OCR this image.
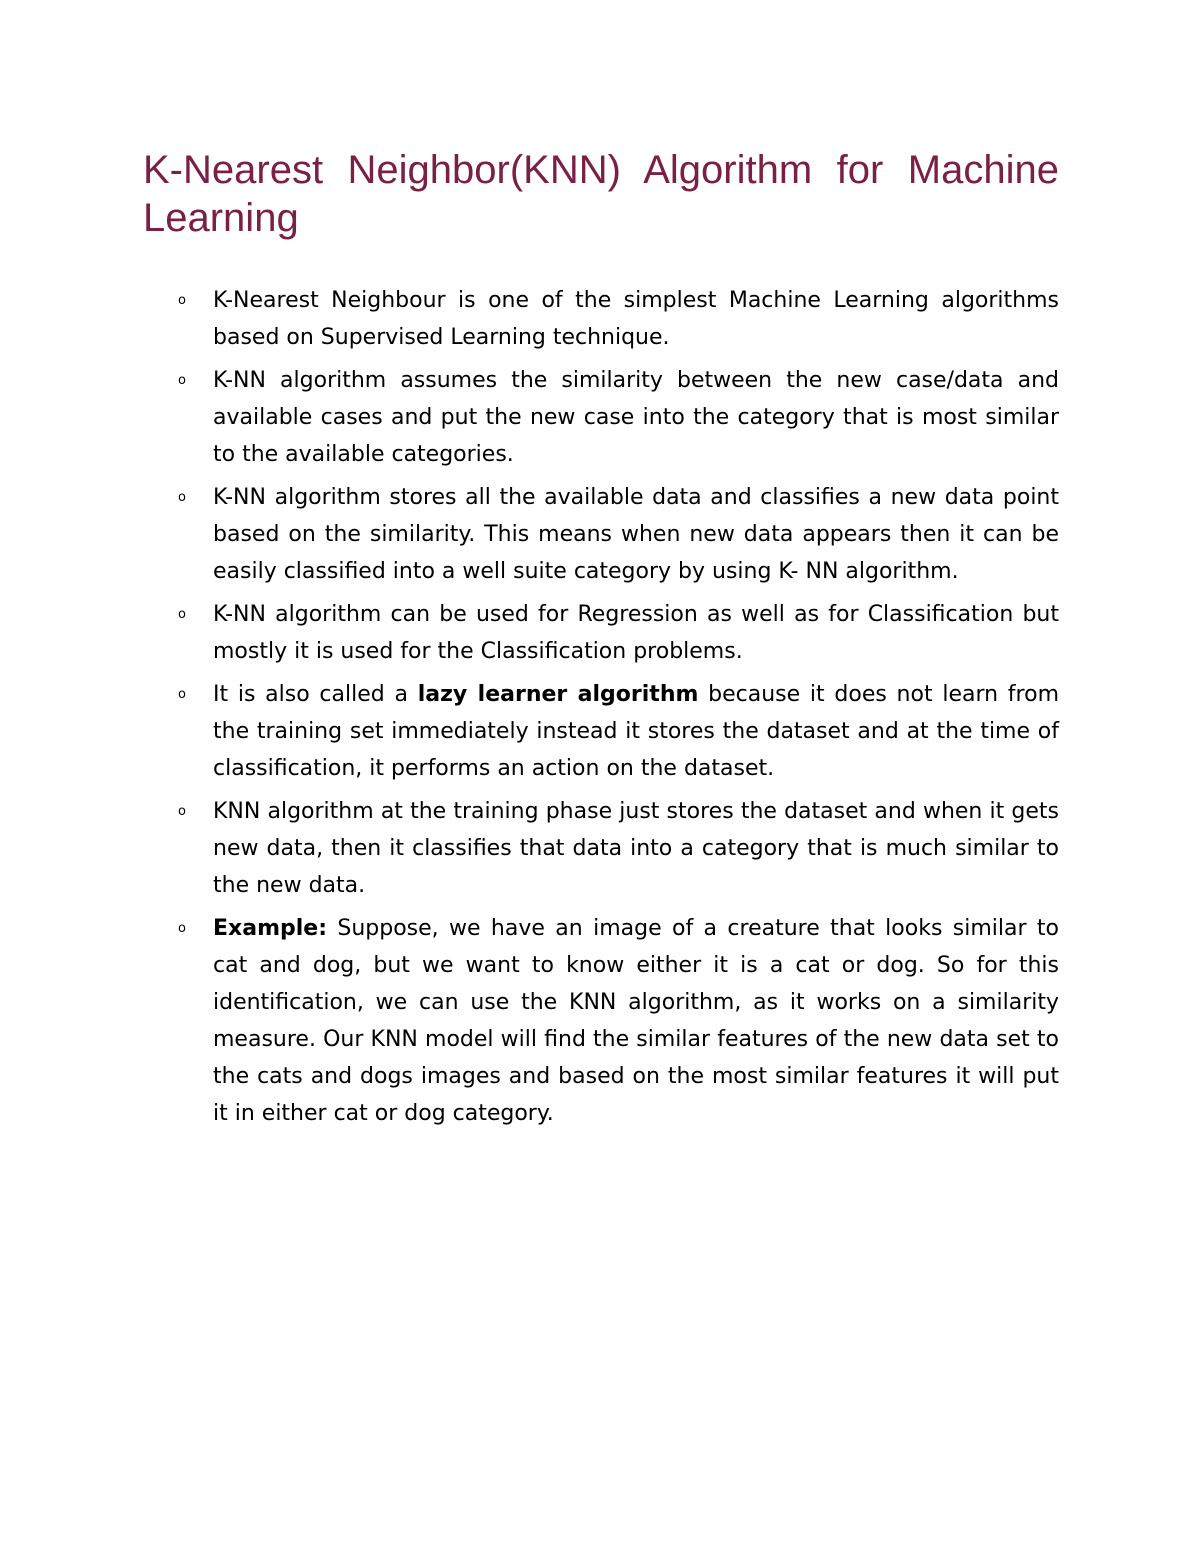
K-Nearest Neighbor(KNN) Algorithm for Machine Learning
o K-Nearest Neighbour is one of the simplest Machine Learning algorithms based on Supervised Learning technique.
o K-NN algorithm assumes the similarity between the new case/data and available cases and put the new case into the category that is most similar to the available categories.
o K-NN algorithm stores all the available data and classifies a new data point based on the similarity. This means when new data appears then it can be easily classified into a well suite category by using K- NN algorithm.
o K-NN algorithm can be used for Regression as well as for Classification but mostly it is used for the Classification problems.
o It is also called a lazy learner algorithm because it does not learn from the training set immediately instead it stores the dataset and at the time of classification, it performs an action on the dataset.
o KNN algorithm at the training phase just stores the dataset and when it gets new data, then it classifies that data into a category that is much similar to the new data.
o Example: Suppose, we have an image of a creature that looks similar to cat and dog, but we want to know either it is a cat or dog. So for this identification, we can use the KNN algorithm, as it works on a similarity measure. Our KNN model will find the similar features of the new data set to the cats and dogs images and based on the most similar features it will put it in either cat or dog category.
